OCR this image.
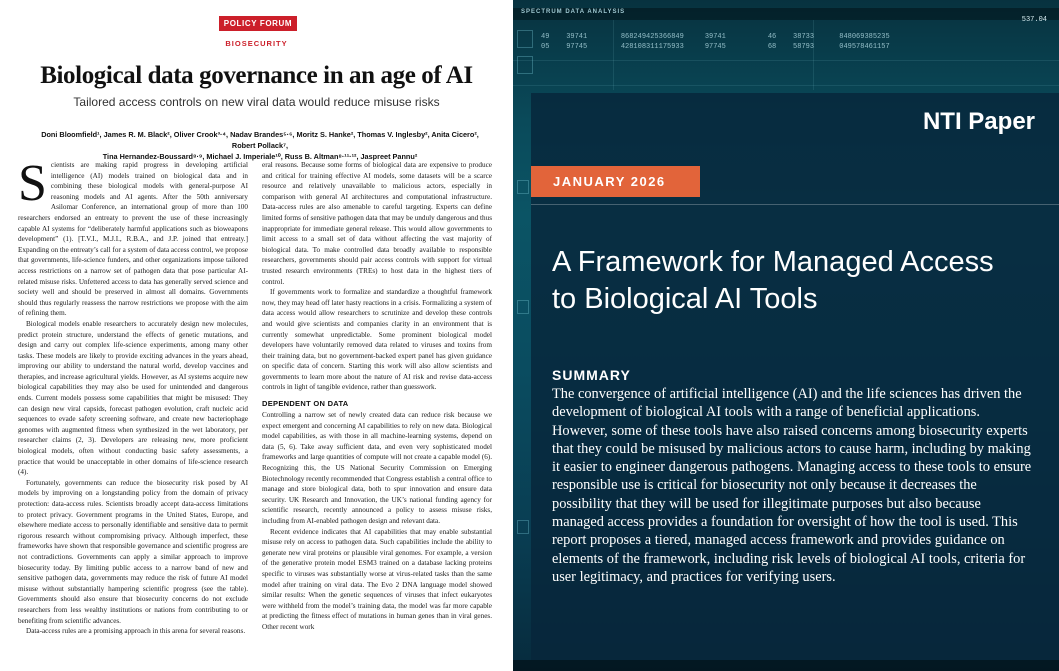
POLICY FORUM
BIOSECURITY
Biological data governance in an age of AI
Tailored access controls on new viral data would reduce misuse risks
Doni Bloomfield¹, James R. M. Black², Oliver Crook³·⁴, Nadav Brandes⁵·⁶, Moritz S. Hanke², Thomas V. Inglesby², Anita Cicero², Robert Pollack⁷,
Tina Hernandez-Boussard⁸·⁹, Michael J. Imperiale¹⁰, Russ B. Altman⁸·¹¹·¹², Jaspreet Pannu²

Scientists are making rapid progress in developing artificial intelligence (AI) models trained on biological data and in combining these biological models with general-purpose AI reasoning models and AI agents. After the 50th anniversary Asilomar Conference, an international group of more than 100 researchers endorsed an entreaty to prevent the use of these increasingly capable AI systems for “deliberately harmful applications such as bioweapons development” (1). [T.V.I., M.J.I., R.B.A., and J.P. joined that entreaty.] Expanding on the entreaty’s call for a system of data access control, we propose that governments, life-science funders, and other organizations impose tailored access restrictions on a narrow set of pathogen data that pose particular AI-related misuse risks. Unfettered access to data has generally served science and society well and should be preserved in almost all domains. Governments should thus regularly reassess the narrow restrictions we propose with the aim of refining them.

Biological models enable researchers to accurately design new molecules, predict protein structure, understand the effects of genetic mutations, and design and carry out complex life-science experiments, among many other tasks. These models are likely to provide exciting advances in the years ahead, improving our ability to understand the natural world, develop vaccines and therapies, and increase agricultural yields. However, as AI systems acquire new biological capabilities they may also be used for unintended and dangerous ends. Current models possess some capabilities that might be misused: They can design new viral capsids, forecast pathogen evolution, craft nucleic acid sequences to evade safety screening software, and create new bacteriophage genomes with augmented fitness when synthesized in the wet laboratory, per researcher claims (2, 3). Developers are releasing new, more proficient biological models, often without conducting basic safety assessments, a practice that would be unacceptable in other domains of life-science research (4).

Fortunately, governments can reduce the biosecurity risk posed by AI models by improving on a longstanding policy from the domain of privacy protection: data-access rules. Scientists broadly accept data-access limitations to protect privacy. Government programs in the United States, Europe, and elsewhere mediate access to personally identifiable and sensitive data to permit rigorous research without compromising privacy. Although imperfect, these frameworks have shown that responsible governance and scientific progress are not contradictions. Governments can apply a similar approach to improve biosecurity today. By limiting public access to a narrow band of new and sensitive pathogen data, governments may reduce the risk of future AI model misuse without substantially hampering scientific progress (see the table). Governments should also ensure that biosecurity concerns do not exclude researchers from less wealthy institutions or nations from contributing to or benefiting from scientific advances.

Data-access rules are a promising approach in this arena for several reasons.

eral reasons. Because some forms of biological data are expensive to produce and critical for training effective AI models, some datasets will be a scarce resource and relatively unavailable to malicious actors, especially in comparison with general AI architectures and computational infrastructure. Data-access rules are also amenable to careful targeting. Experts can define limited forms of sensitive pathogen data that may be unduly dangerous and thus inappropriate for immediate general release. This would allow governments to limit access to a small set of data without affecting the vast majority of biological data. To make controlled data broadly available to responsible researchers, governments should pair access controls with support for virtual trusted research environments (TREs) to host data in the highest tiers of control.

If governments work to formalize and standardize a thoughtful framework now, they may head off later hasty reactions in a crisis. Formalizing a system of data access would allow researchers to scrutinize and develop these controls and would give scientists and companies clarity in an environment that is currently somewhat unpredictable. Some prominent biological model developers have voluntarily removed data related to viruses and toxins from their training data, but no government-backed expert panel has given guidance on specific data of concern. Starting this work will also allow scientists and governments to learn more about the nature of AI risk and revise data-access controls in light of tangible evidence, rather than guesswork.

DEPENDENT ON DATA

Controlling a narrow set of newly created data can reduce risk because we expect emergent and concerning AI capabilities to rely on new data. Biological model capabilities, as with those in all machine-learning systems, depend on data (5, 6). Take away sufficient data, and even very sophisticated model frameworks and large quantities of compute will not create a capable model (6). Recognizing this, the US National Security Commission on Emerging Biotechnology recently recommended that Congress establish a central office to manage and store biological data, both to spur innovation and ensure data security. UK Research and Innovation, the UK’s national funding agency for scientific research, recently announced a policy to assess misuse risks, including from AI-enabled pathogen design and relevant data.

Recent evidence indicates that AI capabilities that may enable substantial misuse rely on access to pathogen data. Such capabilities include the ability to generate new viral proteins or plausible viral genomes. For example, a version of the generative protein model ESM3 trained on a database lacking proteins specific to viruses was substantially worse at virus-related tasks than the same model after training on viral data. The Evo 2 DNA language model showed similar results: When the genetic sequences of viruses that infect eukaryotes were withheld from the model’s training data, the model was far more capable at predicting the fitness effect of mutations in human genes than in viral genes. Other recent work

SPECTRUM DATA ANALYSIS
537.04
49    39741        868249425366849     39741          46    38733      848069385235
05    97745        428108311175933     97745          68    58793      049578461157
NTI Paper
JANUARY 2026
A Framework for Managed Access to Biological AI Tools
SUMMARY
The convergence of artificial intelligence (AI) and the life sciences has driven the development of biological AI tools with a range of beneficial applications. However, some of these tools have also raised concerns among biosecurity experts that they could be misused by malicious actors to cause harm, including by making it easier to engineer dangerous pathogens. Managing access to these tools to ensure responsible use is critical for biosecurity not only because it decreases the possibility that they will be used for illegitimate purposes but also because managed access provides a foundation for oversight of how the tool is used. This report proposes a tiered, managed access framework and provides guidance on elements of the framework, including risk levels of biological AI tools, criteria for user legitimacy, and practices for verifying users.
